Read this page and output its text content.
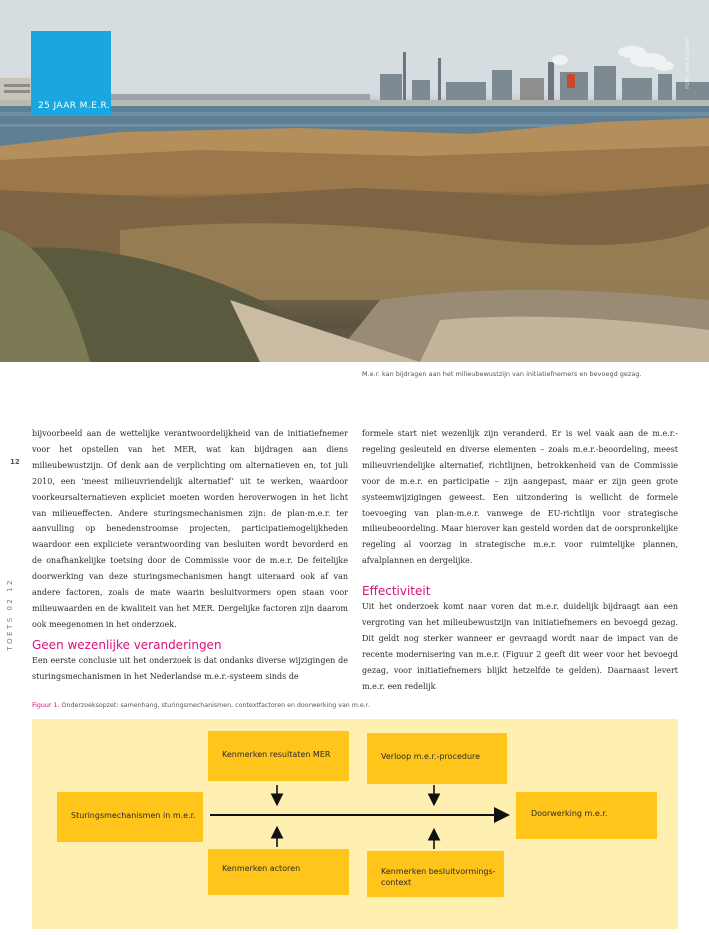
25 JAAR M.E.R.
FOTO: NIELS SCHEEF
M.e.r. kan bijdragen aan het milieubewustzijn van initiatiefnemers en bevoegd gezag.
12
TOETS 02 12

bijvoorbeeld aan de wettelijke verantwoordelijkheid van de initiatiefnemer voor het opstellen van het MER, wat kan bijdragen aan diens milieubewustzijn. Of denk aan de verplichting om alternatieven en, tot juli 2010, een ‘meest milieuvriendelijk alternatief’ uit te werken, waardoor voorkeursalternatieven expliciet moeten worden heroverwogen in het licht van milieueffecten. Andere sturingsmechanismen zijn: de plan-m.e.r. ter aanvulling op benedenstroomse projecten, participatiemogelijkheden waardoor een expliciete verantwoording van besluiten wordt bevorderd en de onafhankelijke toetsing door de Commissie voor de m.e.r. De feitelijke doorwerking van deze sturingsmechanismen hangt uiteraard ook af van andere factoren, zoals de mate waarin besluitvormers open staan voor milieuwaarden en de kwaliteit van het MER. Dergelijke factoren zijn daarom ook meegenomen in het onderzoek.

Geen wezenlijke veranderingen

Een eerste conclusie uit het onderzoek is dat ondanks diverse wijzigingen de sturingsmechanismen in het Nederlandse m.e.r.-systeem sinds de

formele start niet wezenlijk zijn veranderd. Er is wel vaak aan de m.e.r.-regeling gesleuteld en diverse elementen – zoals m.e.r.-beoordeling, meest milieuvriendelijke alternatief, richtlijnen, betrokkenheid van de Commissie voor de m.e.r. en participatie – zijn aangepast, maar er zijn geen grote systeemwijzigingen geweest. Een uitzondering is wellicht de formele toevoeging van plan-m.e.r. vanwege de EU-richtlijn voor strategische milieubeoordeling. Maar hierover kan gesteld worden dat de oorspronkelijke regeling al voorzag in strategische m.e.r. voor ruimtelijke plannen, afvalplannen en dergelijke.

Effectiviteit

Uit het onderzoek komt naar voren dat m.e.r. duidelijk bijdraagt aan een vergroting van het milieubewustzijn van initiatiefnemers en bevoegd gezag. Dit geldt nog sterker wanneer er gevraagd wordt naar de impact van de recente modernisering van m.e.r. (Figuur 2 geeft dit weer voor het bevoegd gezag, voor initiatiefnemers blijkt hetzelfde te gelden). Daarnaast levert m.e.r. een redelijk

Figuur 1. Onderzoeksopzet: samenhang, sturingsmechanismen, contextfactoren en doorwerking van m.e.r.
Kenmerken resultaten MER	Verloop m.e.r.-procedure
Sturingsmechanismen in m.e.r.	Doorwerking m.e.r.
Kenmerken actoren	Kenmerken besluitvormings-
context
